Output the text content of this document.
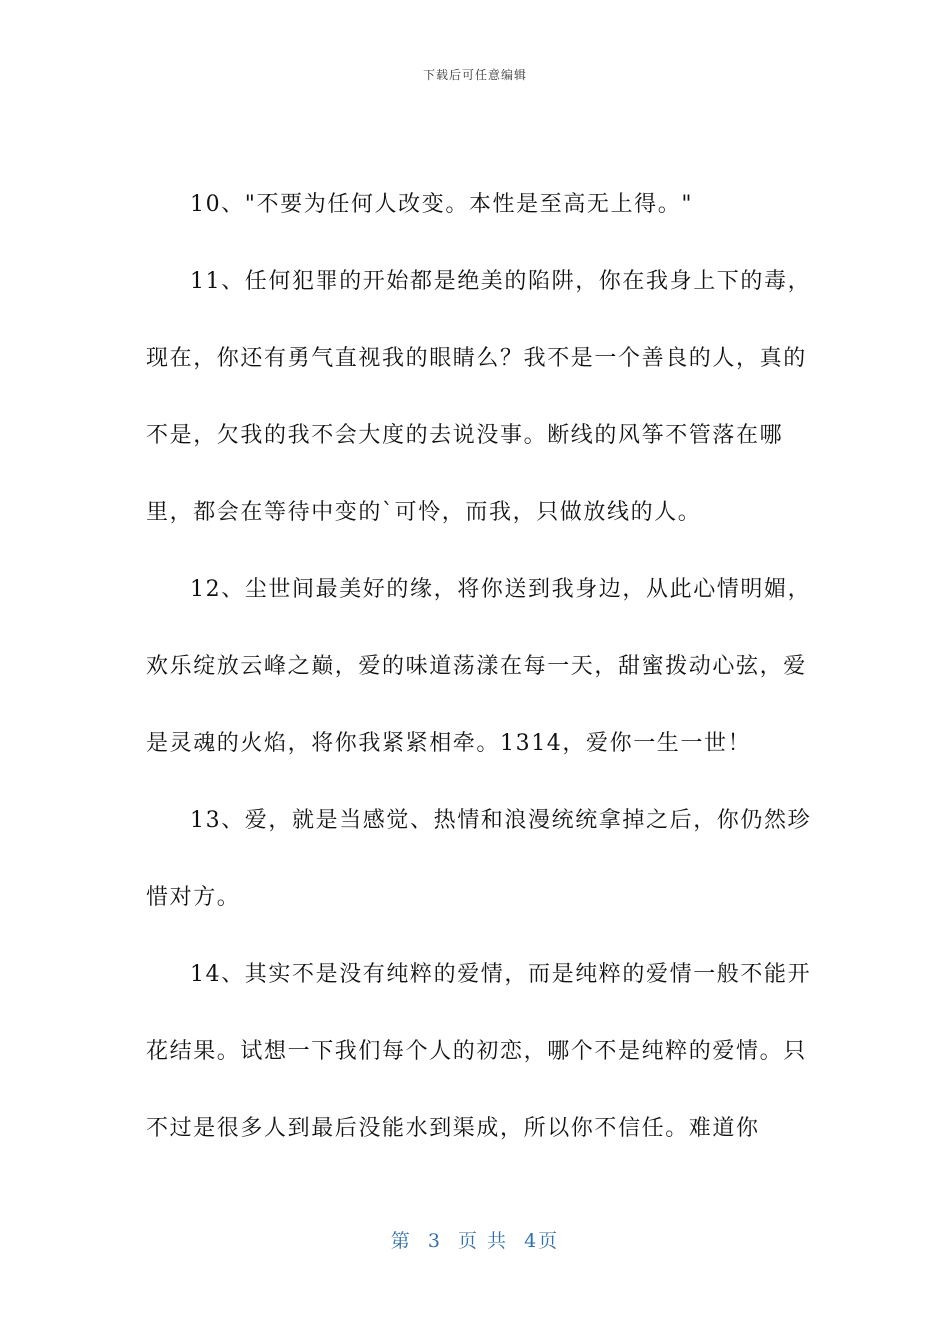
下载后可任意编辑

10、"不要为任何人改变。本性是至高无上得。"

11、任何犯罪的开始都是绝美的陷阱，你在我身上下的毒，现在，你还有勇气直视我的眼睛么？我不是一个善良的人，真的不是，欠我的我不会大度的去说没事。断线的风筝不管落在哪里，都会在等待中变的`可怜，而我，只做放线的人。

12、尘世间最美好的缘，将你送到我身边，从此心情明媚，欢乐绽放云峰之巅，爱的味道荡漾在每一天，甜蜜拨动心弦，爱是灵魂的火焰，将你我紧紧相牵。1314，爱你一生一世！

13、爱，就是当感觉、热情和浪漫统统拿掉之后，你仍然珍惜对方。

14、其实不是没有纯粹的爱情，而是纯粹的爱情一般不能开花结果。试想一下我们每个人的初恋，哪个不是纯粹的爱情。只不过是很多人到最后没能水到渠成，所以你不信任。难道你

第 3 页 共 4页
